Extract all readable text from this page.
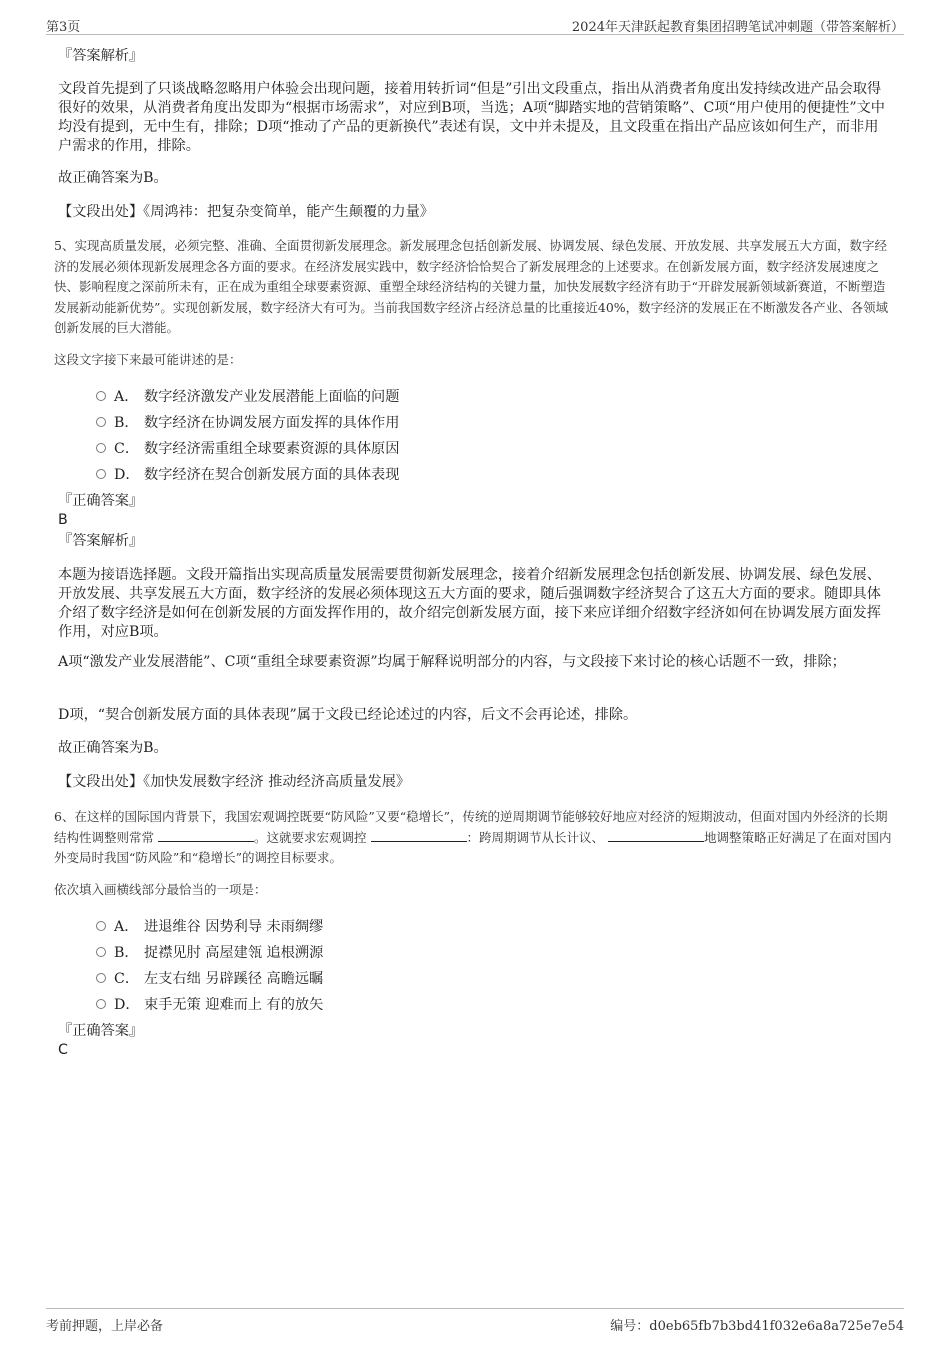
第3页	2024年天津跃起教育集团招聘笔试冲刺题（带答案解析）
『答案解析』
文段首先提到了只谈战略忽略用户体验会出现问题，接着用转折词“但是”引出文段重点，指出从消费者角度出发持续改进产品会取得很好的效果，从消费者角度出发即为“根据市场需求”，对应到B项，当选；A项“脚踏实地的营销策略”、C项“用户使用的便捷性”文中均没有提到，无中生有，排除；D项“推动了产品的更新换代”表述有误，文中并未提及，且文段重在指出产品应该如何生产，而非用户需求的作用，排除。
故正确答案为B。
【文段出处】《周鸿祎：把复杂变简单，能产生颠覆的力量》
5、实现高质量发展，必须完整、准确、全面贯彻新发展理念。新发展理念包括创新发展、协调发展、绿色发展、开放发展、共享发展五大方面，数字经济的发展必须体现新发展理念各方面的要求。在经济发展实践中，数字经济恰恰契合了新发展理念的上述要求。在创新发展方面，数字经济发展速度之快、影响程度之深前所未有，正在成为重组全球要素资源、重塑全球经济结构的关键力量，加快发展数字经济有助于“开辟发展新领域新赛道，不断塑造发展新动能新优势”。实现创新发展，数字经济大有可为。当前我国数字经济占经济总量的比重接近40%，数字经济的发展正在不断激发各产业、各领域创新发展的巨大潜能。
这段文字接下来最可能讲述的是：
A． 数字经济激发产业发展潜能上面临的问题
B． 数字经济在协调发展方面发挥的具体作用
C． 数字经济需重组全球要素资源的具体原因
D． 数字经济在契合创新发展方面的具体表现
『正确答案』
B
『答案解析』
本题为接语选择题。文段开篇指出实现高质量发展需要贯彻新发展理念，接着介绍新发展理念包括创新发展、协调发展、绿色发展、开放发展、共享发展五大方面，数字经济的发展必须体现这五大方面的要求，随后强调数字经济契合了这五大方面的要求。随即具体介绍了数字经济是如何在创新发展的方面发挥作用的，故介绍完创新发展方面，接下来应详细介绍数字经济如何在协调发展方面发挥作用，对应B项。
A项“激发产业发展潜能”、C项“重组全球要素资源”均属于解释说明部分的内容，与文段接下来讨论的核心话题不一致，排除；
D项，“契合创新发展方面的具体表现”属于文段已经论述过的内容，后文不会再论述，排除。
故正确答案为B。
【文段出处】《加快发展数字经济 推动经济高质量发展》
6、在这样的国际国内背景下，我国宏观调控既要“防风险”又要“稳增长”，传统的逆周期调节能够较好地应对经济的短期波动，但面对国内外经济的长期结构性调整则常常	。这就要求宏观调控	：跨周期调节从长计议、	地调整策略正好满足了在面对国内外变局时我国“防风险”和“稳增长”的调控目标要求。
依次填入画横线部分最恰当的一项是：
A． 进退维谷 因势利导 未雨绸缪
B． 捉襟见肘 高屋建瓴 追根溯源
C． 左支右绌 另辟蹊径 高瞻远瞩
D． 束手无策 迎难而上 有的放矢
『正确答案』
C
考前押题，上岸必备	编号：d0eb65fb7b3bd41f032e6a8a725e7e54
